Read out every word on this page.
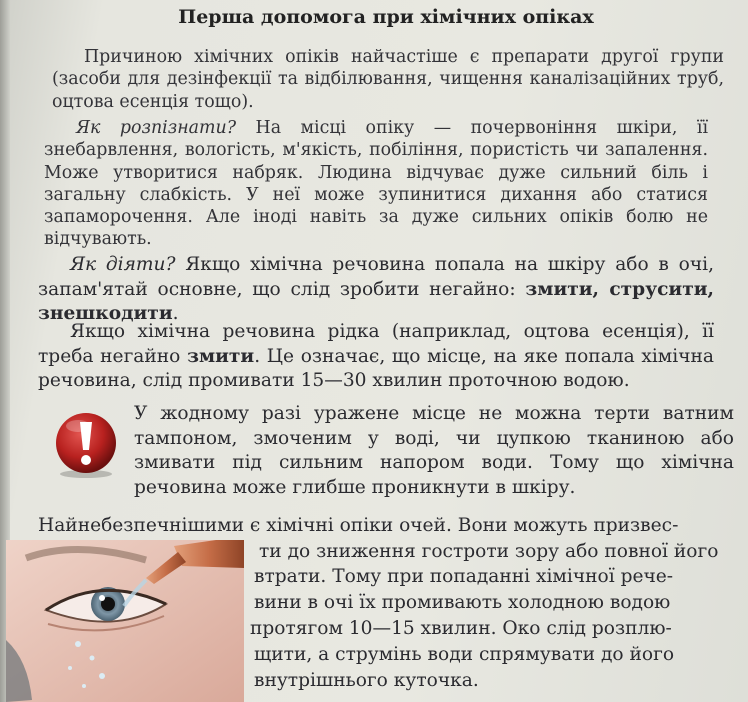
Перша допомога при хімічних опіках

Причиною хімічних опіків найчастіше є препарати другої групи (засоби для дезінфекції та відбілювання, чищення каналізаційних труб, оцтова есенція тощо).

Як розпізнати? На місці опіку — почервоніння шкіри, її знебарвлення, вологість, м'якість, побіління, пористість чи запалення. Може утворитися набряк. Людина відчуває дуже сильний біль і загальну слабкість. У неї може зупинитися дихання або статися запаморочення. Але іноді навіть за дуже сильних опіків болю не відчувають.

Як діяти? Якщо хімічна речовина попала на шкіру або в очі, запам'ятай основне, що слід зробити негайно: змити, струсити, знешкодити.

Якщо хімічна речовина рідка (наприклад, оцтова есенція), її треба негайно змити. Це означає, що місце, на яке попала хімічна речовина, слід промивати 15—30 хвилин проточною водою.

У жодному разі уражене місце не можна терти ватним тампоном, змоченим у воді, чи цупкою тканиною або змивати під сильним напором води. Тому що хімічна речовина може глибше проникнути в шкіру.

Найнебезпечнішими є хімічні опіки очей. Вони можуть призвес-

ти до зниження гостроти зору або повної його

втрати. Тому при попаданні хімічної рече-

вини в очі їх промивають холодною водою

протягом 10—15 хвилин. Око слід розплю-

щити, а струмінь води спрямувати до його

внутрішнього куточка.
